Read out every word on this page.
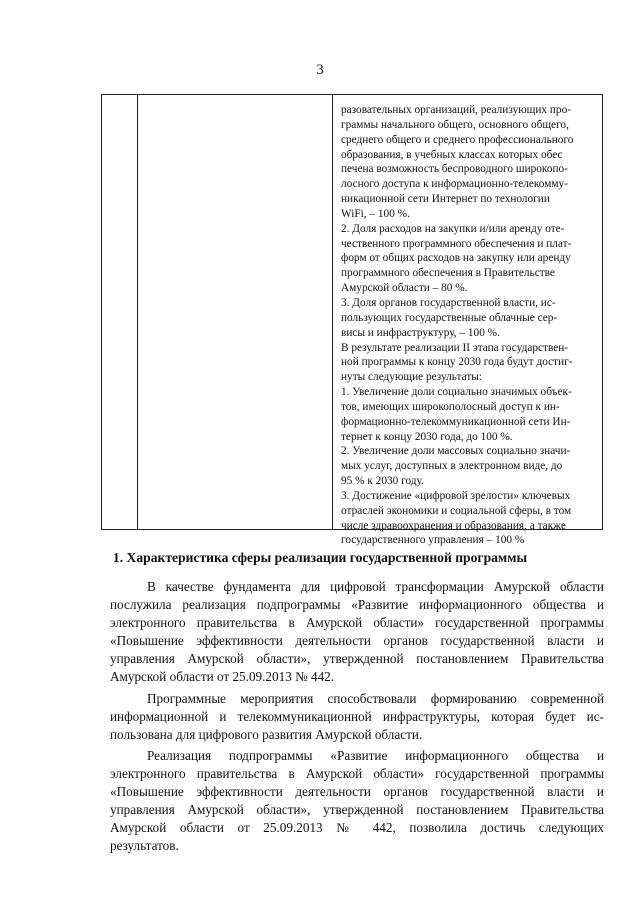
3
разовательных организаций, реализующих про-
граммы начального общего, основного общего,
среднего общего и среднего профессионального
образования, в учебных классах которых обес
печена возможность беспроводного широкопо-
лосного доступа к информационно-телекомму-
никационной сети Интернет по технологии
WiFi, – 100 %.
2. Доля расходов на закупки и/или аренду оте-
чественного программного обеспечения и плат-
форм от общих расходов на закупку или аренду
программного обеспечения в Правительстве
Амурской области – 80 %.
3. Доля органов государственной власти, ис-
пользующих государственные облачные сер-
висы и инфраструктуру, – 100 %.
В результате реализации II этапа государствен-
ной программы к концу 2030 года будут достиг-
нуты следующие результаты:
1. Увеличение доли социально значимых объек-
тов, имеющих широкополосный доступ к ин-
формационно-телекоммуникационной сети Ин-
тернет к концу 2030 года, до 100 %.
2. Увеличение доли массовых социально значи-
мых услуг, доступных в электронном виде, до
95 % к 2030 году.
3. Достижение «цифровой зрелости» ключевых
отраслей экономики и социальной сферы, в том
числе здравоохранения и образования, а также
государственного управления – 100 %
1. Характеристика сферы реализации государственной программы
В качестве фундамента для цифровой трансформации Амурской области
послужила реализация подпрограммы «Развитие информационного общества и
электронного правительства в Амурской области» государственной программы
«Повышение эффективности деятельности органов государственной власти и
управления Амурской области», утвержденной постановлением Правительства
Амурской области от 25.09.2013 № 442.
Программные мероприятия способствовали формированию современной
информационной и телекоммуникационной инфраструктуры, которая будет ис-
пользована для цифрового развития Амурской области.
Реализация подпрограммы «Развитие информационного общества и
электронного правительства в Амурской области» государственной программы
«Повышение эффективности деятельности органов государственной власти и
управления Амурской области», утвержденной постановлением Правительства
Амурской области от 25.09.2013 № 442, позволила достичь следующих
результатов.
